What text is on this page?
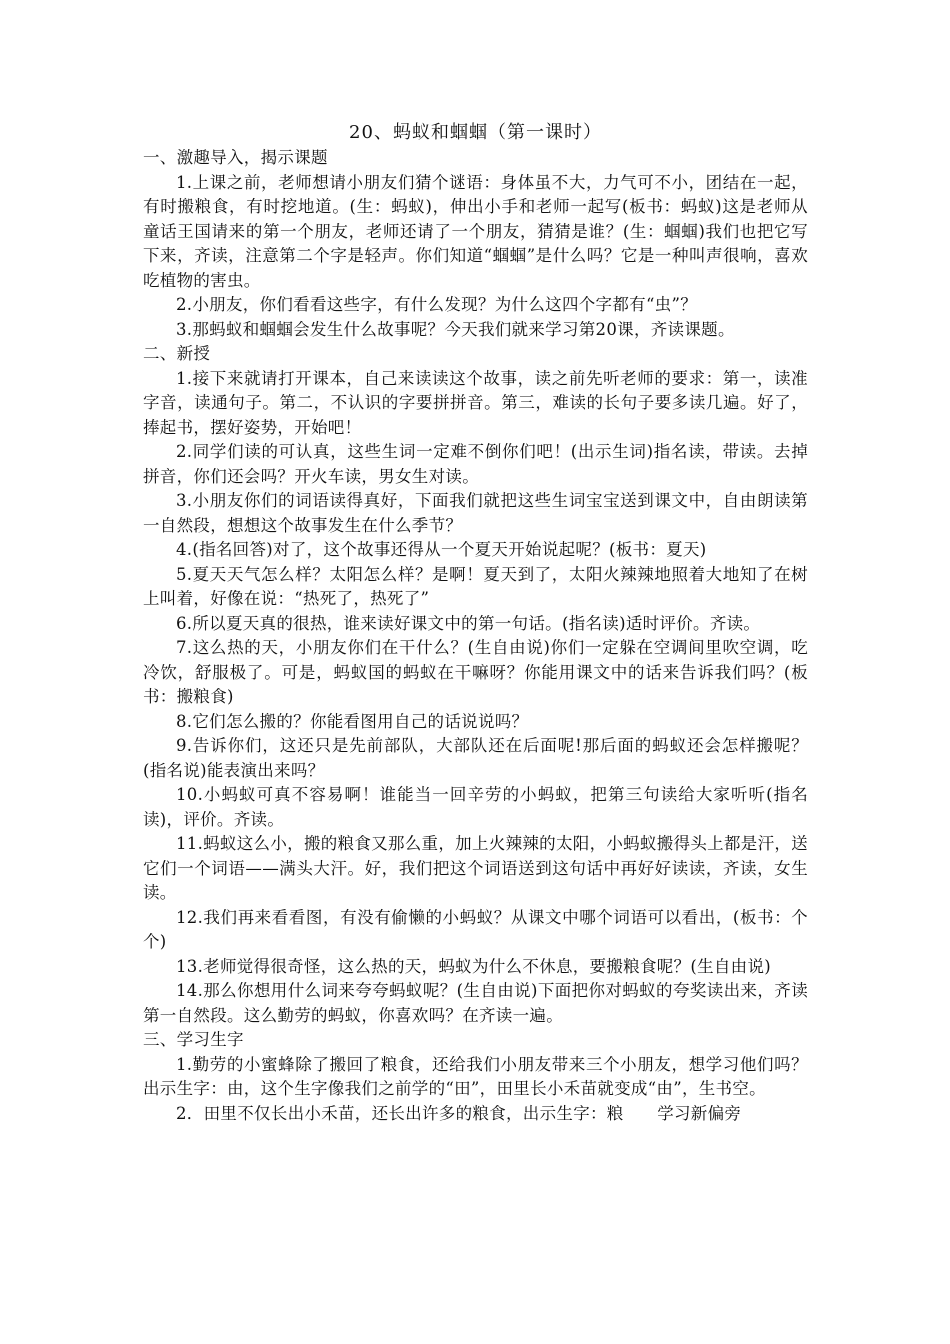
20、蚂蚁和蝈蝈（第一课时）

一、激趣导入，揭示课题

1.上课之前，老师想请小朋友们猜个谜语：身体虽不大，力气可不小，团结在一起，有时搬粮食，有时挖地道。(生：蚂蚁)，伸出小手和老师一起写(板书：蚂蚁)这是老师从童话王国请来的第一个朋友，老师还请了一个朋友，猜猜是谁？(生：蝈蝈)我们也把它写下来，齐读，注意第二个字是轻声。你们知道“蝈蝈”是什么吗？它是一种叫声很响，喜欢吃植物的害虫。

2.小朋友，你们看看这些字，有什么发现？为什么这四个字都有“虫”？

3.那蚂蚁和蝈蝈会发生什么故事呢？今天我们就来学习第20课，齐读课题。

二、新授

1.接下来就请打开课本，自己来读读这个故事，读之前先听老师的要求：第一，读准字音，读通句子。第二，不认识的字要拼拼音。第三，难读的长句子要多读几遍。好了，捧起书，摆好姿势，开始吧！

2.同学们读的可认真，这些生词一定难不倒你们吧！(出示生词)指名读，带读。去掉拼音，你们还会吗？开火车读，男女生对读。

3.小朋友你们的词语读得真好，下面我们就把这些生词宝宝送到课文中，自由朗读第一自然段，想想这个故事发生在什么季节？

4.(指名回答)对了，这个故事还得从一个夏天开始说起呢？(板书：夏天)

5.夏天天气怎么样？太阳怎么样？是啊！夏天到了，太阳火辣辣地照着大地知了在树上叫着，好像在说：“热死了，热死了”

6.所以夏天真的很热，谁来读好课文中的第一句话。(指名读)适时评价。齐读。

7.这么热的天，小朋友你们在干什么？(生自由说)你们一定躲在空调间里吹空调，吃冷饮，舒服极了。可是，蚂蚁国的蚂蚁在干嘛呀？你能用课文中的话来告诉我们吗？(板书：搬粮食)

8.它们怎么搬的？你能看图用自己的话说说吗？

9.告诉你们，这还只是先前部队，大部队还在后面呢!那后面的蚂蚁还会怎样搬呢？(指名说)能表演出来吗？

10.小蚂蚁可真不容易啊！谁能当一回辛劳的小蚂蚁，把第三句读给大家听听(指名读)，评价。齐读。

11.蚂蚁这么小，搬的粮食又那么重，加上火辣辣的太阳，小蚂蚁搬得头上都是汗，送它们一个词语——满头大汗。好，我们把这个词语送到这句话中再好好读读，齐读，女生读。

12.我们再来看看图，有没有偷懒的小蚂蚁？从课文中哪个词语可以看出，(板书：个个)

13.老师觉得很奇怪，这么热的天，蚂蚁为什么不休息，要搬粮食呢？(生自由说)

14.那么你想用什么词来夸夸蚂蚁呢？(生自由说)下面把你对蚂蚁的夸奖读出来，齐读第一自然段。这么勤劳的蚂蚁，你喜欢吗？在齐读一遍。

三、学习生字

1.勤劳的小蜜蜂除了搬回了粮食，还给我们小朋友带来三个小朋友，想学习他们吗？出示生字：由，这个生字像我们之前学的“田”，田里长小禾苗就变成“由”，生书空。

2．田里不仅长出小禾苗，还长出许多的粮食，出示生字：粮　　学习新偏旁
